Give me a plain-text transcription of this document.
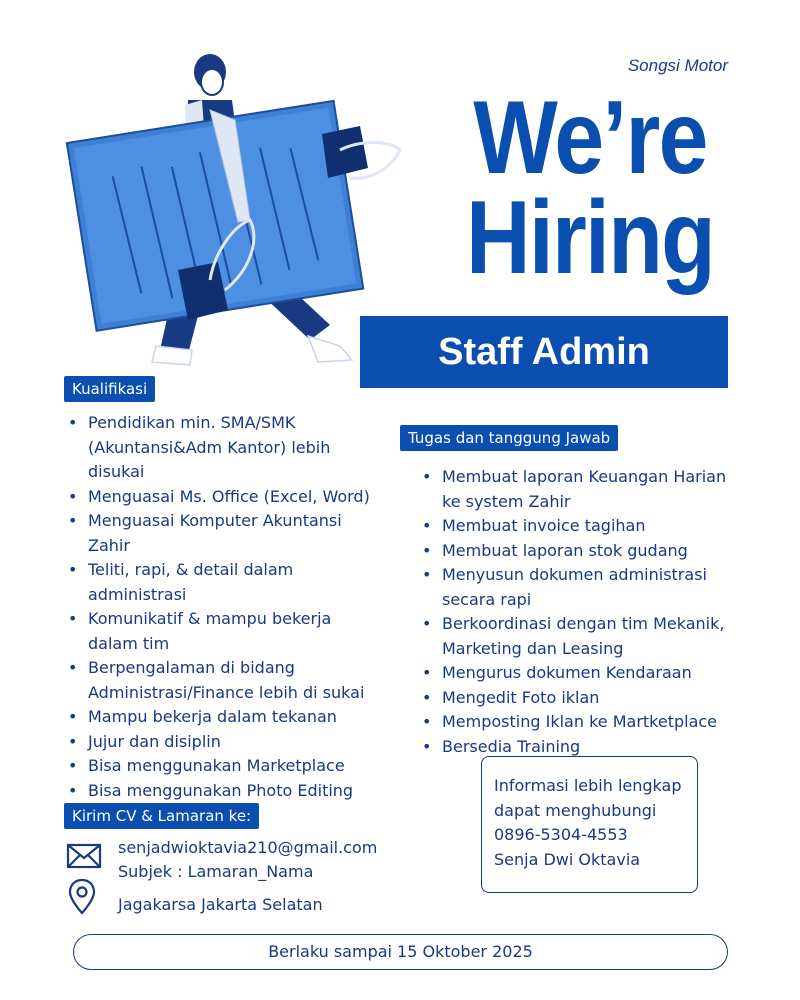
Songsi Motor
We’re
Hiring
Staff Admin
Kualifikasi
• Pendidikan min. SMA/SMK (Akuntansi&Adm Kantor) lebih disukai
• Menguasai Ms. Office (Excel, Word)
• Menguasai Komputer Akuntansi Zahir
• Teliti, rapi, & detail dalam administrasi
• Komunikatif & mampu bekerja dalam tim
• Berpengalaman di bidang Administrasi/Finance lebih di sukai
• Mampu bekerja dalam tekanan
• Jujur dan disiplin
• Bisa menggunakan Marketplace
• Bisa menggunakan Photo Editing
Tugas dan tanggung Jawab
• Membuat laporan Keuangan Harian ke system Zahir
• Membuat invoice tagihan
• Membuat laporan stok gudang
• Menyusun dokumen administrasi secara rapi
• Berkoordinasi dengan tim Mekanik, Marketing dan Leasing
• Mengurus dokumen Kendaraan
• Mengedit Foto iklan
• Memposting Iklan ke Martketplace
• Bersedia Training
Kirim CV & Lamaran ke:
senjadwioktavia210@gmail.com
Subjek : Lamaran_Nama
Jagakarsa Jakarta Selatan
Informasi lebih lengkap
dapat menghubungi
0896-5304-4553
Senja Dwi Oktavia
Berlaku sampai 15 Oktober 2025
